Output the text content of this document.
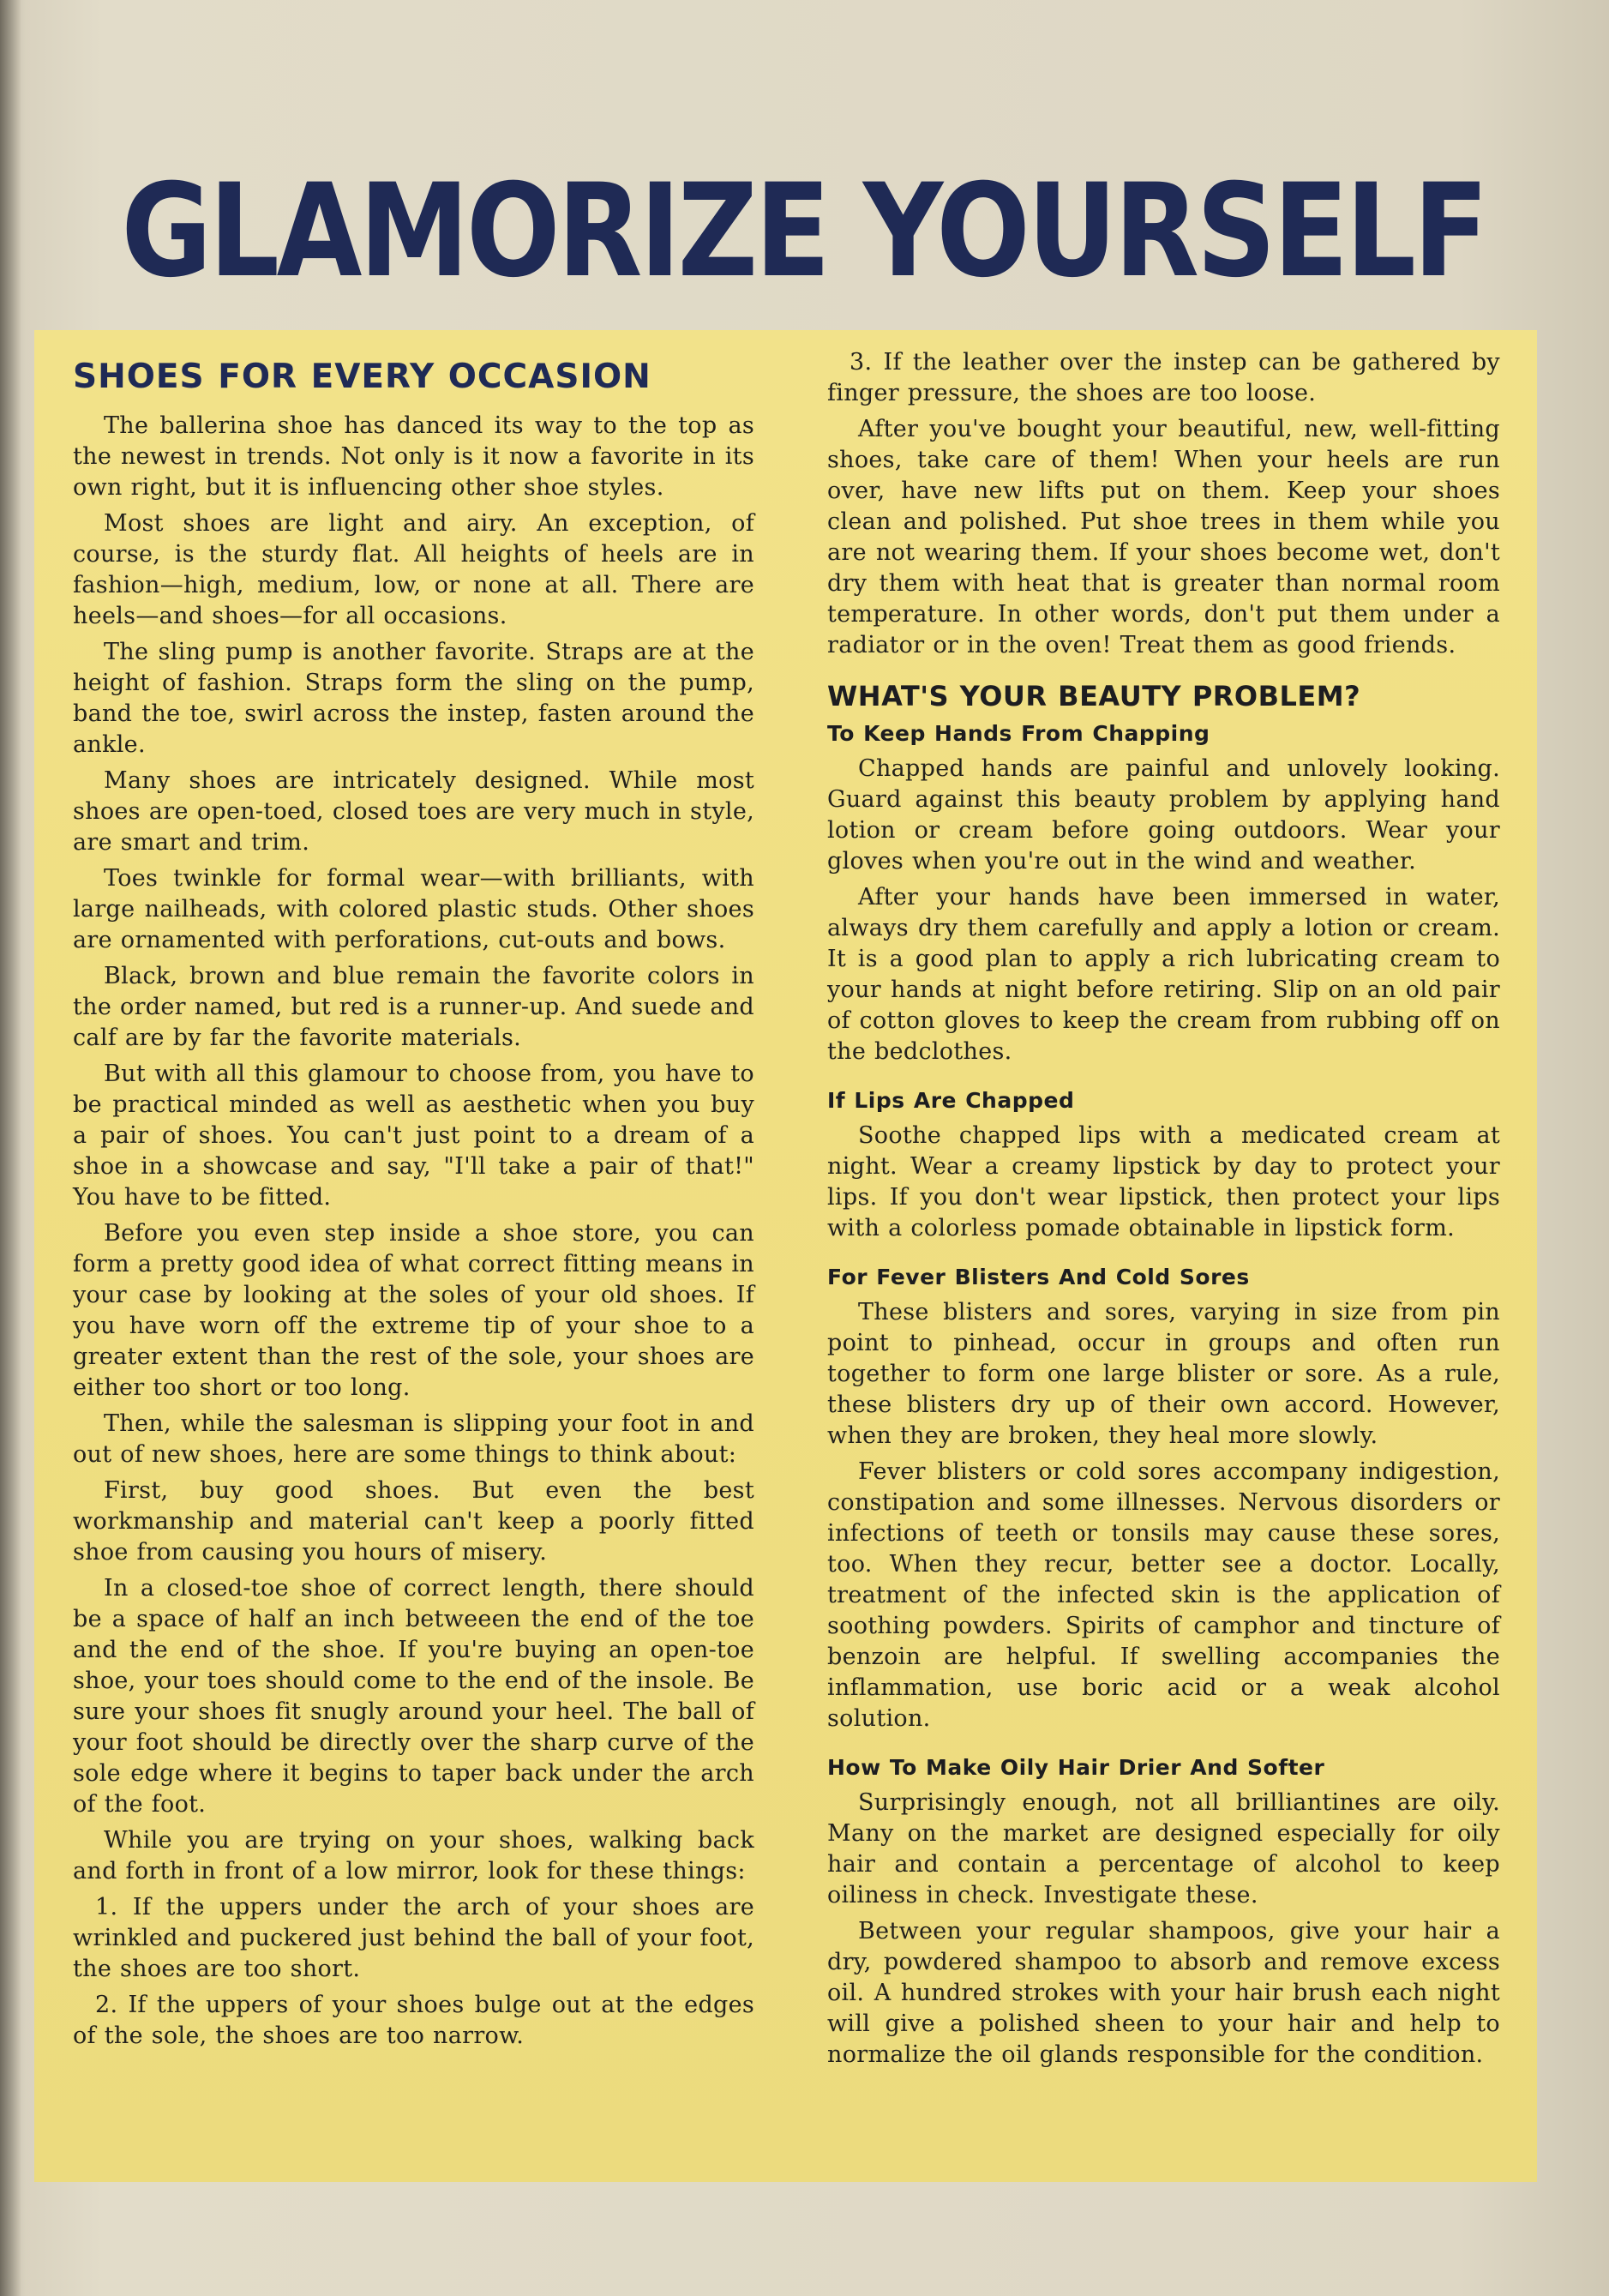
GLAMORIZE YOURSELF
SHOES FOR EVERY OCCASION

The ballerina shoe has danced its way to the top as the newest in trends. Not only is it now a favorite in its own right, but it is influencing other shoe styles.

Most shoes are light and airy. An exception, of course, is the sturdy flat. All heights of heels are in fashion—high, medium, low, or none at all. There are heels—and shoes—for all occasions.

The sling pump is another favorite. Straps are at the height of fashion. Straps form the sling on the pump, band the toe, swirl across the instep, fasten around the ankle.

Many shoes are intricately designed. While most shoes are open-toed, closed toes are very much in style, are smart and trim.

Toes twinkle for formal wear—with brilliants, with large nailheads, with colored plastic studs. Other shoes are ornamented with perforations, cut-outs and bows.

Black, brown and blue remain the favorite colors in the order named, but red is a runner-up. And suede and calf are by far the favorite materials.

But with all this glamour to choose from, you have to be practical minded as well as aesthetic when you buy a pair of shoes. You can't just point to a dream of a shoe in a showcase and say, "I'll take a pair of that!" You have to be fitted.

Before you even step inside a shoe store, you can form a pretty good idea of what correct fitting means in your case by looking at the soles of your old shoes. If you have worn off the extreme tip of your shoe to a greater extent than the rest of the sole, your shoes are either too short or too long.

Then, while the salesman is slipping your foot in and out of new shoes, here are some things to think about:

First, buy good shoes. But even the best workmanship and material can't keep a poorly fitted shoe from causing you hours of misery.

In a closed-toe shoe of correct length, there should be a space of half an inch betweeen the end of the toe and the end of the shoe. If you're buying an open-toe shoe, your toes should come to the end of the insole. Be sure your shoes fit snugly around your heel. The ball of your foot should be directly over the sharp curve of the sole edge where it begins to taper back under the arch of the foot.

While you are trying on your shoes, walking back and forth in front of a low mirror, look for these things:

1. If the uppers under the arch of your shoes are wrinkled and puckered just behind the ball of your foot, the shoes are too short.

2. If the uppers of your shoes bulge out at the edges of the sole, the shoes are too narrow.

3. If the leather over the instep can be gathered by finger pressure, the shoes are too loose.

After you've bought your beautiful, new, well-fitting shoes, take care of them! When your heels are run over, have new lifts put on them. Keep your shoes clean and polished. Put shoe trees in them while you are not wearing them. If your shoes become wet, don't dry them with heat that is greater than normal room temperature. In other words, don't put them under a radiator or in the oven! Treat them as good friends.

WHAT'S YOUR BEAUTY PROBLEM?
To Keep Hands From Chapping

Chapped hands are painful and unlovely looking. Guard against this beauty problem by applying hand lotion or cream before going outdoors. Wear your gloves when you're out in the wind and weather.

After your hands have been immersed in water, always dry them carefully and apply a lotion or cream. It is a good plan to apply a rich lubricating cream to your hands at night before retiring. Slip on an old pair of cotton gloves to keep the cream from rubbing off on the bedclothes.

If Lips Are Chapped

Soothe chapped lips with a medicated cream at night. Wear a creamy lipstick by day to protect your lips. If you don't wear lipstick, then protect your lips with a colorless pomade obtainable in lipstick form.

For Fever Blisters And Cold Sores

These blisters and sores, varying in size from pin point to pinhead, occur in groups and often run together to form one large blister or sore. As a rule, these blisters dry up of their own accord. However, when they are broken, they heal more slowly.

Fever blisters or cold sores accompany indigestion, constipation and some illnesses. Nervous disorders or infections of teeth or tonsils may cause these sores, too. When they recur, better see a doctor. Locally, treatment of the infected skin is the application of soothing powders. Spirits of camphor and tincture of benzoin are helpful. If swelling accompanies the inflammation, use boric acid or a weak alcohol solution.

How To Make Oily Hair Drier And Softer

Surprisingly enough, not all brilliantines are oily. Many on the market are designed especially for oily hair and contain a percentage of alcohol to keep oiliness in check. Investigate these.

Between your regular shampoos, give your hair a dry, powdered shampoo to absorb and remove excess oil. A hundred strokes with your hair brush each night will give a polished sheen to your hair and help to normalize the oil glands responsible for the condition.
